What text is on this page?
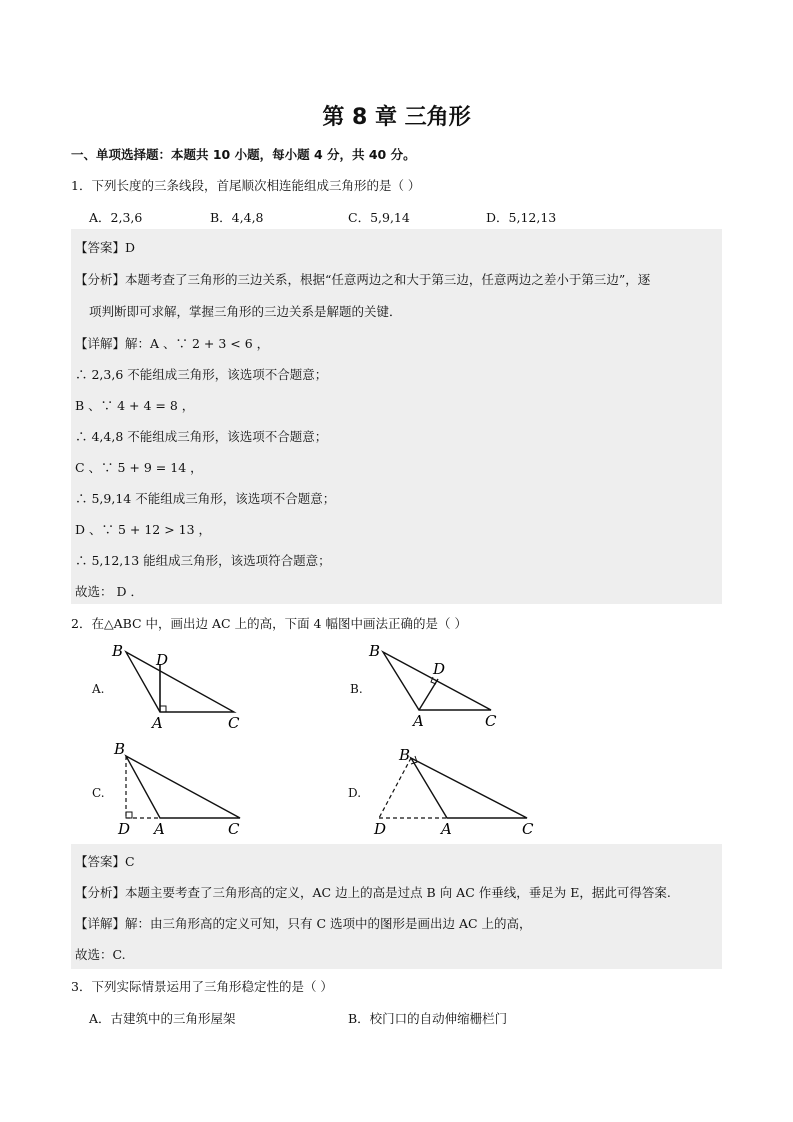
第 8 章 三角形
一、单项选择题：本题共 10 小题，每小题 4 分，共 40 分。
1．下列长度的三条线段，首尾顺次相连能组成三角形的是（ ）
A．2,3,6	B．4,4,8	C．5,9,14	D．5,12,13
【答案】D
【分析】本题考查了三角形的三边关系，根据“任意两边之和大于第三边，任意两边之差小于第三边”，逐
项判断即可求解，掌握三角形的三边关系是解题的关键．
【详解】解：A 、∵ 2 + 3 < 6 ，
∴ 2,3,6 不能组成三角形，该选项不合题意；
B 、∵ 4 + 4 = 8 ，
∴ 4,4,8 不能组成三角形，该选项不合题意；
C 、∵ 5 + 9 = 14 ，
∴ 5,9,14 不能组成三角形，该选项不合题意；
D 、∵ 5 + 12 > 13 ，
∴ 5,12,13 能组成三角形，该选项符合题意；
故选： D ．
2．在△ABC 中，画出边 AC 上的高，下面 4 幅图中画法正确的是（ ）
A.
B D
A	C
B.
B
D
A	C
C.
B
D A	C
D.
B
D	A	C
【答案】C
【分析】本题主要考查了三角形高的定义，AC 边上的高是过点 B 向 AC 作垂线，垂足为 E，据此可得答案.
【详解】解：由三角形高的定义可知，只有 C 选项中的图形是画出边 AC 上的高，
故选：C.
3．下列实际情景运用了三角形稳定性的是（ ）
A．古建筑中的三角形屋架	B．校门口的自动伸缩栅栏门
